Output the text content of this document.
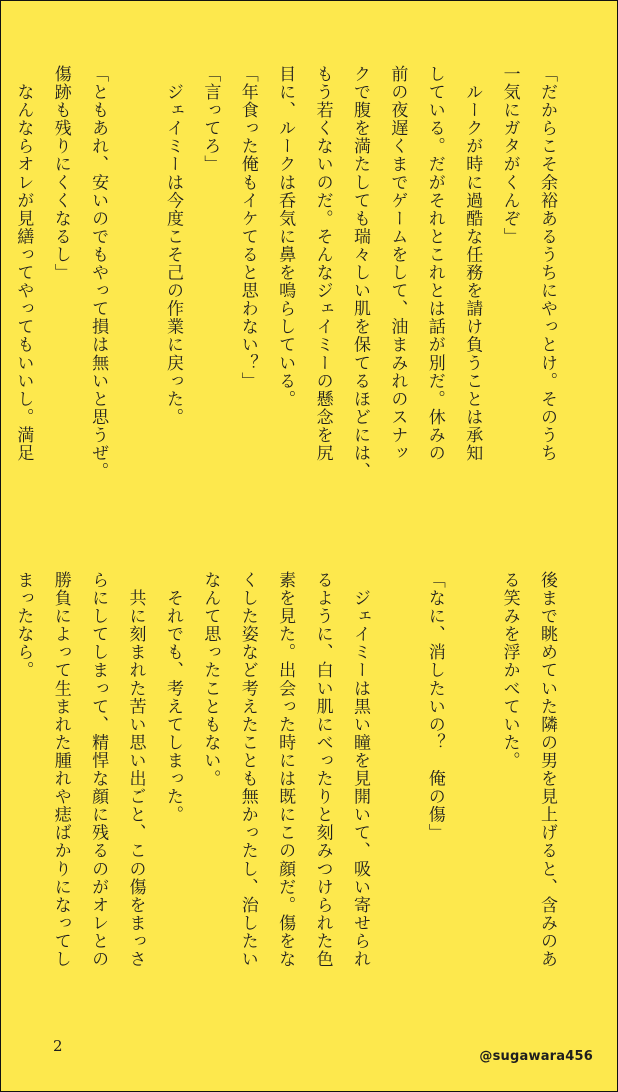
「だからこそ余裕あるうちにやっとけ。そのうち
一気にガタがくんぞ」
　ルークが時に過酷な任務を請け負うことは承知
している。だがそれとこれとは話が別だ。休みの
前の夜遅くまでゲームをして、油まみれのスナッ
クで腹を満たしても瑞々しい肌を保てるほどには、
もう若くないのだ。そんなジェイミーの懸念を尻
目に、ルークは呑気に鼻を鳴らしている。
「年食った俺もイケてると思わない？」
「言ってろ」
　ジェイミーは今度こそ己の作業に戻った。

「ともあれ、安いのでもやって損は無いと思うぜ。
傷跡も残りにくくなるし」
　なんならオレが見繕ってやってもいいし。満足
後まで眺めていた隣の男を見上げると、含みのあ
る笑みを浮かべていた。

「なに、消したいの？　俺の傷」

　ジェイミーは黒い瞳を見開いて、吸い寄せられ
るように、白い肌にべったりと刻みつけられた色
素を見た。出会った時には既にこの顔だ。傷をな
くした姿など考えたことも無かったし、治したい
なんて思ったこともない。
　それでも、考えてしまった。
　共に刻まれた苦い思い出ごと、この傷をまっさ
らにしてしまって、精悍な顔に残るのがオレとの
勝負によって生まれた腫れや痣ばかりになってし
まったなら。
2
@sugawara456
